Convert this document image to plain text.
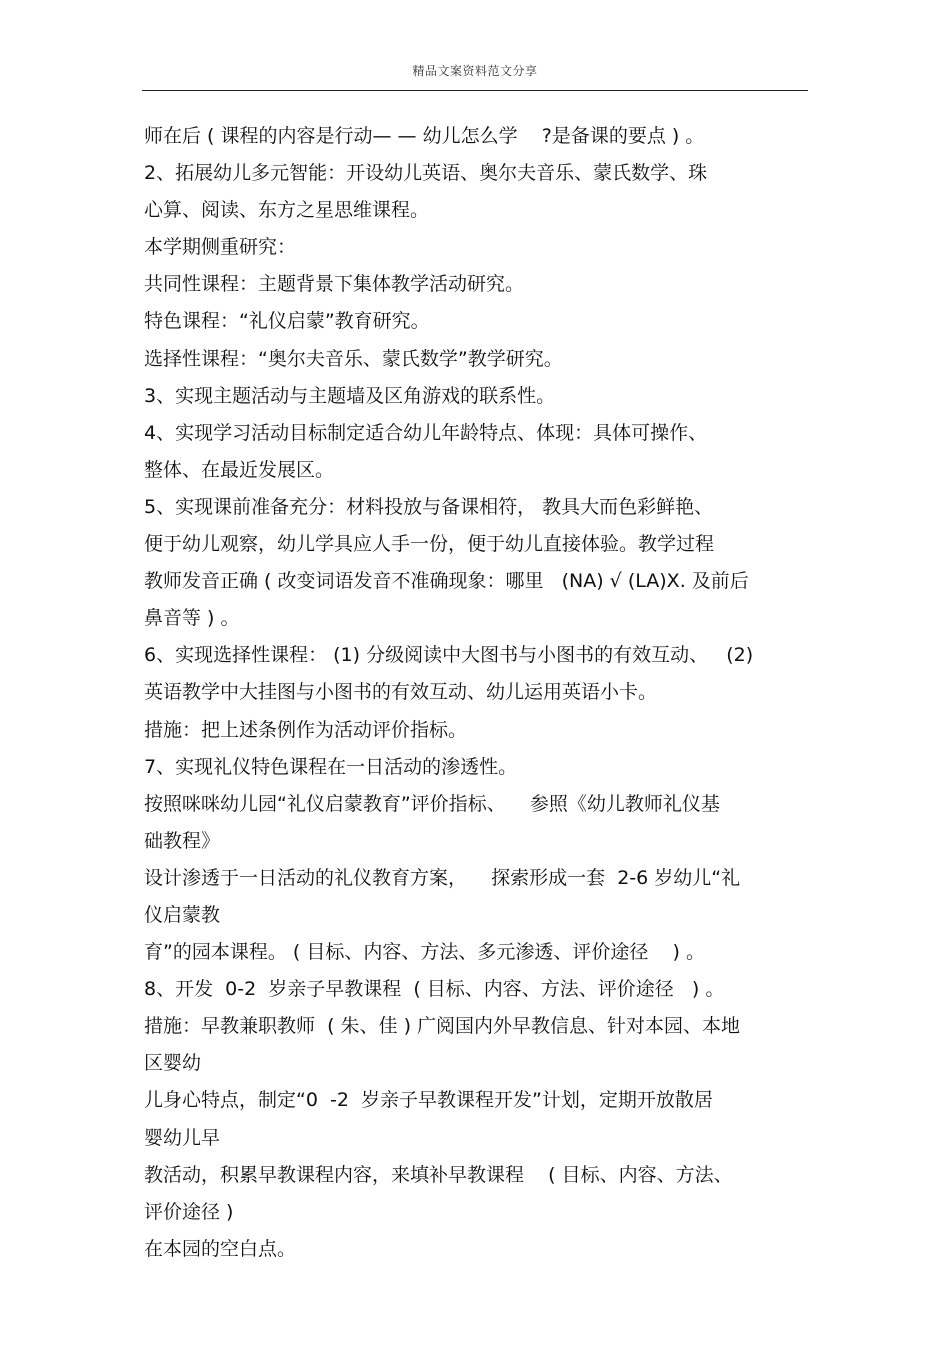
精品文案资料范文分享
师在后 ( 课程的内容是行动— — 幼儿怎么学    ?是备课的要点 ) 。
2、拓展幼儿多元智能：开设幼儿英语、奥尔夫音乐、蒙氏数学、珠
心算、阅读、东方之星思维课程。
本学期侧重研究：
共同性课程：主题背景下集体教学活动研究。
特色课程：“礼仪启蒙”教育研究。
选择性课程：“奥尔夫音乐、蒙氏数学”教学研究。
3、实现主题活动与主题墙及区角游戏的联系性。
4、实现学习活动目标制定适合幼儿年龄特点、体现：具体可操作、
整体、在最近发展区。
5、实现课前准备充分：材料投放与备课相符， 教具大而色彩鲜艳、
便于幼儿观察，幼儿学具应人手一份，便于幼儿直接体验。教学过程
教师发音正确 ( 改变词语发音不准确现象：哪里   (NA) √ (LA)X. 及前后
鼻音等 ) 。
6、实现选择性课程： (1) 分级阅读中大图书与小图书的有效互动、   (2)
英语教学中大挂图与小图书的有效互动、幼儿运用英语小卡。
措施：把上述条例作为活动评价指标。
7、实现礼仪特色课程在一日活动的渗透性。
按照咪咪幼儿园“礼仪启蒙教育”评价指标、    参照《幼儿教师礼仪基
础教程》
设计渗透于一日活动的礼仪教育方案，    探索形成一套  2-6 岁幼儿“礼
仪启蒙教
育”的园本课程。 ( 目标、内容、方法、多元渗透、评价途径    ) 。
8、开发  0-2  岁亲子早教课程  ( 目标、内容、方法、评价途径   ) 。
措施：早教兼职教师  ( 朱、佳 ) 广阅国内外早教信息、针对本园、本地
区婴幼
儿身心特点，制定“0  -2  岁亲子早教课程开发”计划，定期开放散居
婴幼儿早
教活动，积累早教课程内容，来填补早教课程    ( 目标、内容、方法、
评价途径 )
在本园的空白点。
